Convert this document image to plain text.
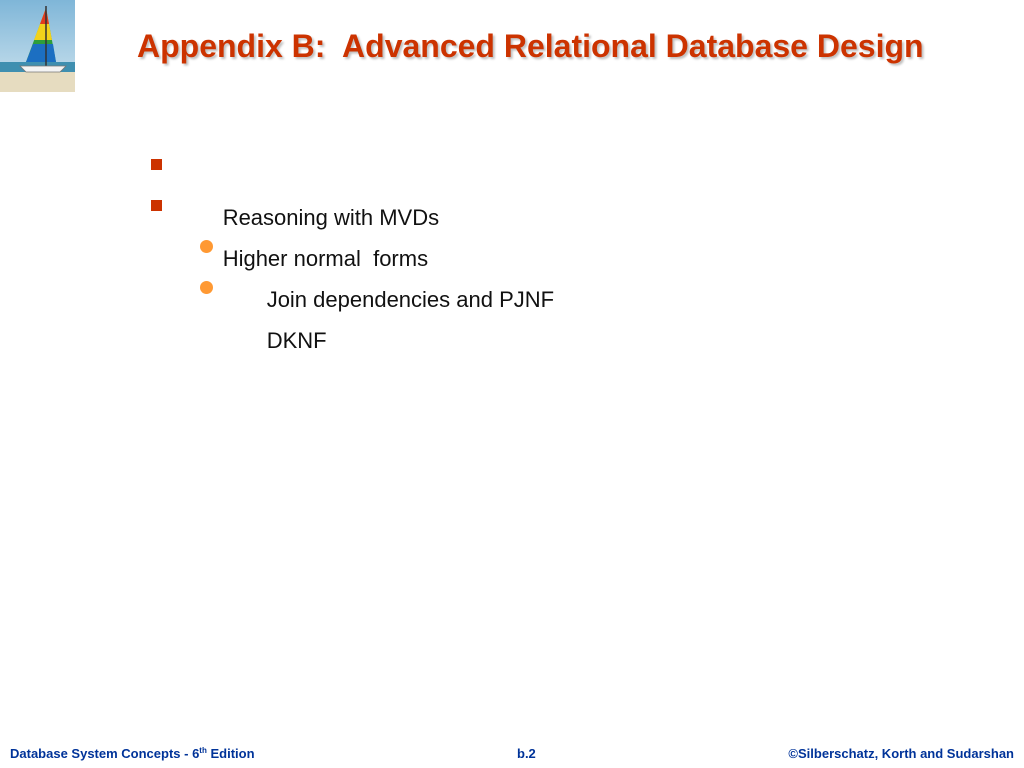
Appendix B:  Advanced Relational Database Design

Reasoning with MVDs

Higher normal  forms

Join dependencies and PJNF

DKNF

Database System Concepts - 6th Edition	b.2	©Silberschatz, Korth and Sudarshan
